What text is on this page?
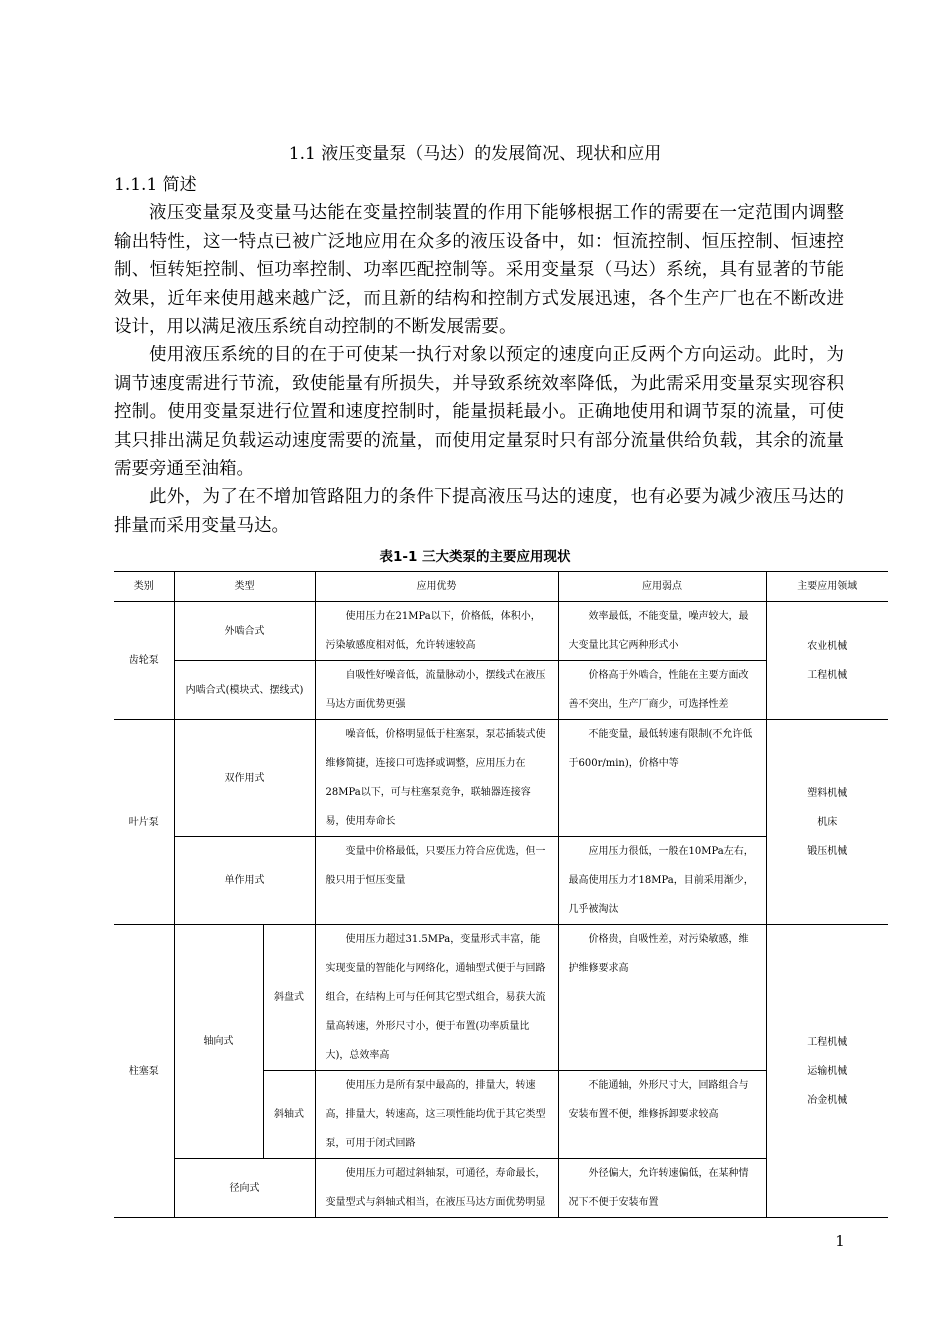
1.1 液压变量泵（马达）的发展简况、现状和应用
1.1.1 简述

液压变量泵及变量马达能在变量控制装置的作用下能够根据工作的需要在一定范围内调整输出特性，这一特点已被广泛地应用在众多的液压设备中，如：恒流控制、恒压控制、恒速控制、恒转矩控制、恒功率控制、功率匹配控制等。采用变量泵（马达）系统，具有显著的节能效果，近年来使用越来越广泛，而且新的结构和控制方式发展迅速，各个生产厂也在不断改进设计，用以满足液压系统自动控制的不断发展需要。

使用液压系统的目的在于可使某一执行对象以预定的速度向正反两个方向运动。此时，为调节速度需进行节流，致使能量有所损失，并导致系统效率降低，为此需采用变量泵实现容积控制。使用变量泵进行位置和速度控制时，能量损耗最小。正确地使用和调节泵的流量，可使其只排出满足负载运动速度需要的流量，而使用定量泵时只有部分流量供给负载，其余的流量需要旁通至油箱。

此外，为了在不增加管路阻力的条件下提高液压马达的速度，也有必要为减少液压马达的排量而采用变量马达。

表1-1 三大类泵的主要应用现状
类别	类型		应用优势	应用弱点	主要应用领域
齿轮泵	外啮合式		使用压力在21MPa以下，价格低，体积小，污染敏感度相对低，允许转速较高	效率最低，不能变量，噪声较大，最大变量比其它两种形式小	农业机械
工程机械

	内啮合式(模块式、摆线式)		自吸性好噪音低，流量脉动小，摆线式在液压马达方面优势更强	价格高于外啮合，性能在主要方面改善不突出，生产厂商少，可选择性差	

叶片泵	双作用式		噪音低，价格明显低于柱塞泵，泵芯插装式使维修简捷，连接口可选择或调整，应用压力在28MPa以下，可与柱塞泵竞争，联轴器连接容易，使用寿命长	不能变量，最低转速有限制(不允许低于600r/min)，价格中等	塑料机械
机床
锻压机械

	单作用式		变量中价格最低，只要压力符合应优选，但一般只用于恒压变量	应用压力很低，一般在10MPa左右，最高使用压力才18MPa，目前采用渐少，几乎被淘汰	

柱塞泵	轴向式	斜盘式	使用压力超过31.5MPa，变量形式丰富，能实现变量的智能化与网络化，通轴型式便于与回路组合，在结构上可与任何其它型式组合，易获大流量高转速，外形尺寸小，便于布置(功率质量比大)，总效率高	价格贵，自吸性差，对污染敏感，维护维修要求高	工程机械
运输机械
冶金机械

		斜轴式	使用压力是所有泵中最高的，排量大，转速高，排量大，转速高，这三项性能均优于其它类型泵，可用于闭式回路	不能通轴，外形尺寸大，回路组合与安装布置不便，维修拆卸要求较高	

	径向式		使用压力可超过斜轴泵，可通径，寿命最长，变量型式与斜轴式相当，在液压马达方面优势明显	外径偏大，允许转速偏低，在某种情况下不便于安装布置	
1
